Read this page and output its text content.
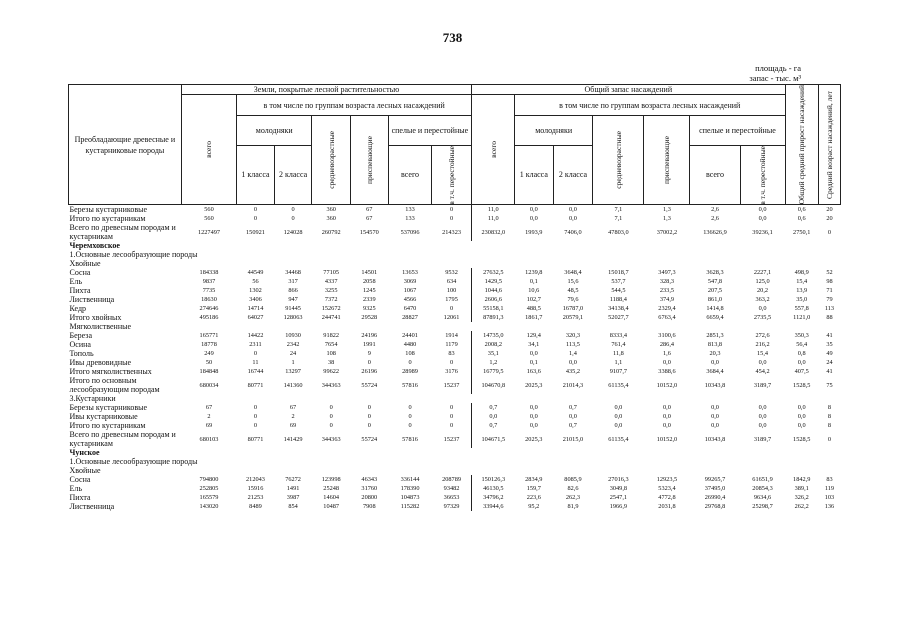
738
площадь - га
запас - тыс. м³
Преобладающие древесные и кустарниковые породы	Земли, покрытые лесной растительностью							Общий запас насаждений							Общий средний прирост насаждений	Средний возраст насаждений, лет

	всего	в том числе по группам возраста лесных насаждений						всего	в том числе по группам возраста лесных насаждений							
		молодняки		средневозрастные	приспевающие	спелые и перестойные			молодняки		средневозрастные	приспевающие	спелые и перестойные			
		1 класса	2 класса			всего	в т.ч. перестойные		1 класса	2 класса			всего	в т.ч. перестойные		

Березы кустарниковые	560	0	0	360	67	133	0	11,0	0,0	0,0	7,1	1,3	2,6	0,0	0,6	20
Итого по кустарникам	560	0	0	360	67	133	0	11,0	0,0	0,0	7,1	1,3	2,6	0,0	0,6	20
Всего по древесным породам и кустарникам	1227497	150921	124028	260792	154570	537096	214323	230832,0	1993,9	7406,0	47803,0	37002,2	136626,9	39236,1	2750,1	0
Черемховское																
1.Основные лесообразующие породы																
Хвойные																
Сосна	184338	44549	34468	77105	14501	13653	9532	27632,5	1239,8	3648,4	15018,7	3497,3	3628,3	2227,1	498,9	52
Ель	9837	56	317	4337	2058	3069	634	1429,5	0,1	15,6	537,7	328,3	547,8	125,0	15,4	98
Пихта	7735	1302	866	3255	1245	1067	100	1044,6	10,6	48,5	544,5	233,5	207,5	20,2	13,9	71
Лиственница	18630	3406	947	7372	2339	4566	1795	2606,6	102,7	79,6	1188,4	374,9	861,0	363,2	35,0	79
Кедр	274646	14714	91445	152672	9325	6470	0	55158,1	488,5	16787,0	34138,4	2329,4	1414,8	0,0	557,8	113
Итого хвойных	495186	64027	128063	244741	29528	28827	12061	87891,3	1861,7	20579,1	52027,7	6763,4	6659,4	2735,5	1121,0	88
Мягколиственные																
Береза	165771	14422	10930	91822	24196	24401	1914	14735,0	129,4	320,3	8333,4	3100,6	2851,3	272,6	350,3	41
Осина	18778	2311	2342	7654	1991	4480	1179	2008,2	34,1	113,5	761,4	286,4	813,8	216,2	56,4	35
Тополь	249	0	24	108	9	108	83	35,1	0,0	1,4	11,8	1,6	20,3	15,4	0,8	49
Ивы древовидные	50	11	1	38	0	0	0	1,2	0,1	0,0	1,1	0,0	0,0	0,0	0,0	24
Итого мягколиственных	184848	16744	13297	99622	26196	28989	3176	16779,5	163,6	435,2	9107,7	3388,6	3684,4	454,2	407,5	41
Итого по основным лесообразующим породам	680034	80771	141360	344363	55724	57816	15237	104670,8	2025,3	21014,3	61135,4	10152,0	10343,8	3189,7	1528,5	75
3.Кустарники																
Березы кустарниковые	67	0	67	0	0	0	0	0,7	0,0	0,7	0,0	0,0	0,0	0,0	0,0	8
Ивы кустарниковые	2	0	2	0	0	0	0	0,0	0,0	0,0	0,0	0,0	0,0	0,0	0,0	8
Итого по кустарникам	69	0	69	0	0	0	0	0,7	0,0	0,7	0,0	0,0	0,0	0,0	0,0	8
Всего по древесным породам и кустарникам	680103	80771	141429	344363	55724	57816	15237	104671,5	2025,3	21015,0	61135,4	10152,0	10343,8	3189,7	1528,5	0
Чунское																
1.Основные лесообразующие породы																
Хвойные																
Сосна	794800	212043	76272	123998	46343	336144	208789	150126,3	2834,9	8085,9	27016,3	12923,5	99265,7	61651,9	1842,9	83
Ель	252805	15916	1491	25248	31760	178390	93482	46130,5	159,7	82,6	3049,8	5323,4	37495,0	20854,3	389,1	119
Пихта	165579	21253	3987	14604	20800	104873	36653	34796,2	223,6	262,3	2547,1	4772,8	26990,4	9634,6	326,2	103
Лиственница	143020	8489	854	10487	7908	115282	97329	33944,6	95,2	81,9	1966,9	2031,8	29768,8	25298,7	262,2	136
